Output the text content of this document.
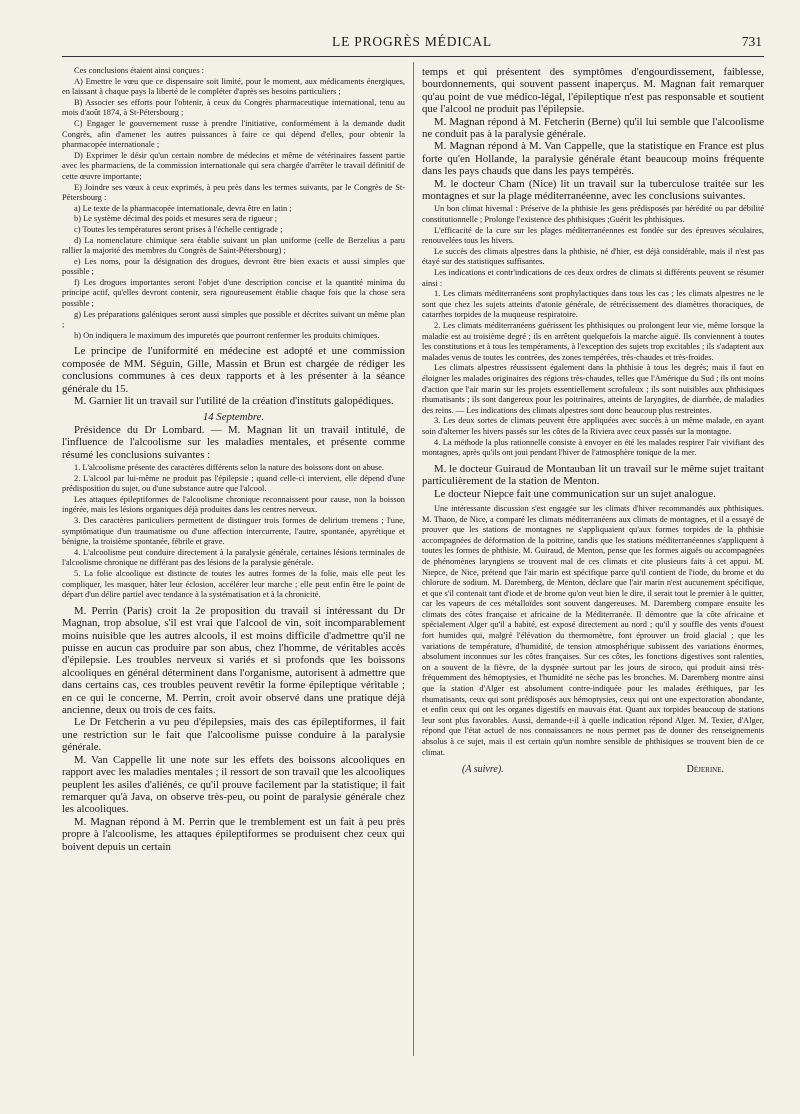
LE PROGRÈS MÉDICAL	731

Ces conclusions étaient ainsi conçues :

A) Emettre le vœu que ce dispensaire soit limité, pour le moment, aux médicaments énergiques, en laissant à chaque pays la liberté de le compléter d'après ses besoins particuliers ;

B) Associer ses efforts pour l'obtenir, à ceux du Congrès pharmaceutique international, tenu au mois d'août 1874, à St-Pétersbourg ;

C) Engager le gouvernement russe à prendre l'initiative, conformément à la demande dudit Congrès, afin d'amener les autres puissances à faire ce qui dépend d'elles, pour obtenir la pharmacopée internationale ;

D) Exprimer le désir qu'un certain nombre de médecins et même de vétérinaires fassent partie avec les pharmaciens, de la commission internationale qui sera chargée d'arrêter le travail définitif de cette œuvre importante;

E) Joindre ses vœux à ceux exprimés, à peu près dans les termes suivants, par le Congrès de St-Pétersbourg :

a) Le texte de la pharmacopée internationale, devra être en latin ;

b) Le système décimal des poids et mesures sera de rigueur ;

c) Toutes les températures seront prises à l'échelle centigrade ;

d) La nomenclature chimique sera établie suivant un plan uniforme (celle de Berzelius a paru rallier la majorité des membres du Congrès de Saint-Pétersbourg) ;

e) Les noms, pour la désignation des drogues, devront être bien exacts et aussi simples que possible ;

f) Les drogues importantes seront l'objet d'une description concise et la quantité minima du principe actif, qu'elles devront contenir, sera rigoureusement établie chaque fois que la chose sera possible ;

g) Les préparations galéniques seront aussi simples que possible et décrites suivant un même plan ;

h) On indiquera le maximum des impuretés que pourront renfermer les produits chimiques.

Le principe de l'uniformité en médecine est adopté et une commission composée de MM. Séguin, Gille, Massin et Brun est chargée de rédiger les conclusions communes à ces deux rapports et à les présenter à la séance générale du 15.

M. Garnier lit un travail sur l'utilité de la création d'instituts galopédiques.

14 Septembre.

Présidence du Dr Lombard. — M. Magnan lit un travail intitulé, de l'influence de l'alcoolisme sur les maladies mentales, et présente comme résumé les conclusions suivantes :

1. L'alcoolisme présente des caractères différents selon la nature des boissons dont on abuse.

2. L'alcool par lui-même ne produit pas l'épilepsie ; quand celle-ci intervient, elle dépend d'une prédisposition du sujet, ou d'une substance autre que l'alcool.

Les attaques épileptiformes de l'alcoolisme chronique reconnaissent pour cause, non la boisson ingérée, mais les lésions organiques déjà produites dans les centres nerveux.

3. Des caractères particuliers permettent de distinguer trois formes de delirium tremens ; l'une, symptômatique d'un traumatisme ou d'une affection intercurrente, l'autre, spontanée, apyrétique et bénigne, la troisième spontanée, fébrile et grave.

4. L'alcoolisme peut conduire directement à la paralysie générale, certaines lésions terminales de l'alcoolisme chronique ne différant pas des lésions de la paralysie générale.

5. La folie alcoolique est distincte de toutes les autres formes de la folie, mais elle peut les compliquer, les masquer, hâter leur éclosion, accélérer leur marche ; elle peut enfin être le point de départ d'un délire partiel avec tendance à la systématisation et à la chronicité.

M. Perrin (Paris) croit la 2e proposition du travail si intéressant du Dr Magnan, trop absolue, s'il est vrai que l'alcool de vin, soit incomparablement moins nuisible que les autres alcools, il est moins difficile d'admettre qu'il ne puisse en aucun cas produire par son abus, chez l'homme, de véritables accès d'épilepsie. Les troubles nerveux si variés et si profonds que les boissons alcooliques en général déterminent dans l'organisme, autorisent à admettre que dans certains cas, ces troubles peuvent revêtir la forme épileptique véritable ; en ce qui le concerne, M. Perrin, croit avoir observé dans une pratique déjà ancienne, deux ou trois de ces faits.

Le Dr Fetcherin a vu peu d'épilepsies, mais des cas épileptiformes, il fait une restriction sur le fait que l'alcoolisme puisse conduire à la paralysie générale.

M. Van Cappelle lit une note sur les effets des boissons alcooliques en rapport avec les maladies mentales ; il ressort de son travail que les alcooliques peuplent les asiles d'aliénés, ce qu'il prouve facilement par la statistique; il fait remarquer qu'à Java, on observe très-peu, ou point de paralysie générale chez les alcooliques.

M. Magnan répond à M. Perrin que le tremblement est un fait à peu près propre à l'alcoolisme, les attaques épileptiformes se produisent chez ceux qui boivent depuis un certain

temps et qui présentent des symptômes d'engourdissement, faiblesse, bourdonnements, qui souvent passent inaperçus. M. Magnan fait remarquer qu'au point de vue médico-légal, l'épileptique n'est pas responsable et soutient que l'alcool ne produit pas l'épilepsie.

M. Magnan répond à M. Fetcherin (Berne) qu'il lui semble que l'alcoolisme ne conduit pas à la paralysie générale.

M. Magnan répond à M. Van Cappelle, que la statistique en France est plus forte qu'en Hollande, la paralysie générale étant beaucoup moins fréquente dans les pays chauds que dans les pays tempérés.

M. le docteur Cham (Nice) lit un travail sur la tuberculose traitée sur les montagnes et sur la plage méditerranéenne, avec les conclusions suivantes.

Un bon climat hivernal : Préserve de la phthisie les gens prédisposés par hérédité ou par débilité constitutionnelle ; Prolonge l'existence des phthisiques ;Guérit les phthisiques.

L'efficacité de la cure sur les plages méditerranéennes est fondée sur des épreuves séculaires, renouvelées tous les hivers.

Le succès des climats alpestres dans la phthisie, né d'hier, est déjà considérable, mais il n'est pas étayé sur des statistiques suffisantes.

Les indications et contr'indications de ces deux ordres de climats si différents peuvent se résumer ainsi :

1. Les climats méditerranéens sont prophylactiques dans tous les cas ; les climats alpestres ne le sont que chez les sujets atteints d'atonie générale, de rétrécissement des diamètres thoraciques, de catarrhes torpides de la muqueuse respiratoire.

2. Les climats méditerranéens guérissent les phthisiques ou prolongent leur vie, même lorsque la maladie est au troisième degré ; ils en arrêtent quelquefois la marche aiguë. Ils conviennent à toutes les constitutions et à tous les tempéraments, à l'exception des sujets trop excitables ; ils s'adaptent aux malades venus de toutes les contrées, des zones tempérées, très-chaudes et très-froides.

Les climats alpestres réussissent également dans la phthisie à tous les degrés; mais il faut en éloigner les malades originaires des régions très-chaudes, telles que l'Amérique du Sud ; ils ont moins d'action que l'air marin sur les projets essentiellement scrofuleux ; ils sont nuisibles aux phthisiques rhumatisants ; ils sont dangereux pour les poitrinaires, atteints de laryngites, de diarrhée, de maladies des reins. — Les indications des climats alpestres sont donc beaucoup plus restreintes.

3. Les deux sortes de climats peuvent être appliquées avec succès à un même malade, en ayant soin d'alterner les hivers passés sur les côtes de la Riviera avec ceux passés sur la montagne.

4. La méthode la plus rationnelle consiste à envoyer en été les malades respirer l'air vivifiant des montagnes, après qu'ils ont joui pendant l'hiver de l'atmosphère tonique de la mer.

M. le docteur Guiraud de Montauban lit un travail sur le même sujet traitant particulièrement de la station de Menton.

Le docteur Niepce fait une communication sur un sujet analogue.

Une intéressante discussion s'est engagée sur les climats d'hiver recommandés aux phthisiques. M. Thaon, de Nice, a comparé les climats méditerranéens aux climats de montagnes, et il a essayé de prouver que les stations de montagnes ne s'appliquaient qu'aux formes torpides de la phthisie accompagnées de déformation de la poitrine, tandis que les stations méditerranéennes s'appliquent à toutes les formes de phthisie. M. Guiraud, de Menton, pense que les formes aiguës ou accompagnées de phénomènes laryngiens se trouvent mal de ces climats et cite plusieurs faits à cet appui. M. Niepce, de Nice, prétend que l'air marin est spécifique parce qu'il contient de l'iode, du brome et du chlorure de sodium. M. Daremberg, de Menton, déclare que l'air marin n'est aucunement spécifique, et que s'il contenait tant d'iode et de brome qu'on veut bien le dire, il serait tout le premier à le quitter, car les vapeurs de ces métalloïdes sont souvent dangereuses. M. Daremberg compare ensuite les climats des côtes française et africaine de la Méditerranée. Il démontre que la côte africaine et spécialement Alger qu'il a habité, est exposé directement au nord ; qu'il y souffle des vents d'ouest fort humides qui, malgré l'élévation du thermomètre, font éprouver un froid glacial ; que les variations de température, d'humidité, de tension atmosphérique subissent des variations énormes, absolument inconnues sur les côtes françaises. Sur ces côtes, les fonctions digestives sont ralenties, on a souvent de la fièvre, de la dyspnée surtout par les jours de siroco, qui produit ainsi très-fréquemment des hémoptysies, et l'humidité ne sèche pas les bronches. M. Daremberg montre ainsi que la station d'Alger est absolument contre-indiquée pour les malades éréthiques, par les rhumatisants, ceux qui sont prédisposés aux hémoptysies, ceux qui ont une expectoration abondante, et enfin ceux qui ont les organes digestifs en mauvais état. Quant aux torpides beaucoup de stations leur sont plus favorables. Aussi, demande-t-il à quelle indication répond Alger. M. Texier, d'Alger, répond que l'état actuel de nos connaissances ne nous permet pas de donner des renseignements absolus à ce sujet, mais il est certain qu'un nombre sensible de phthisiques se trouvent bien de ce climat.

(A suivre).	Déjerine.
